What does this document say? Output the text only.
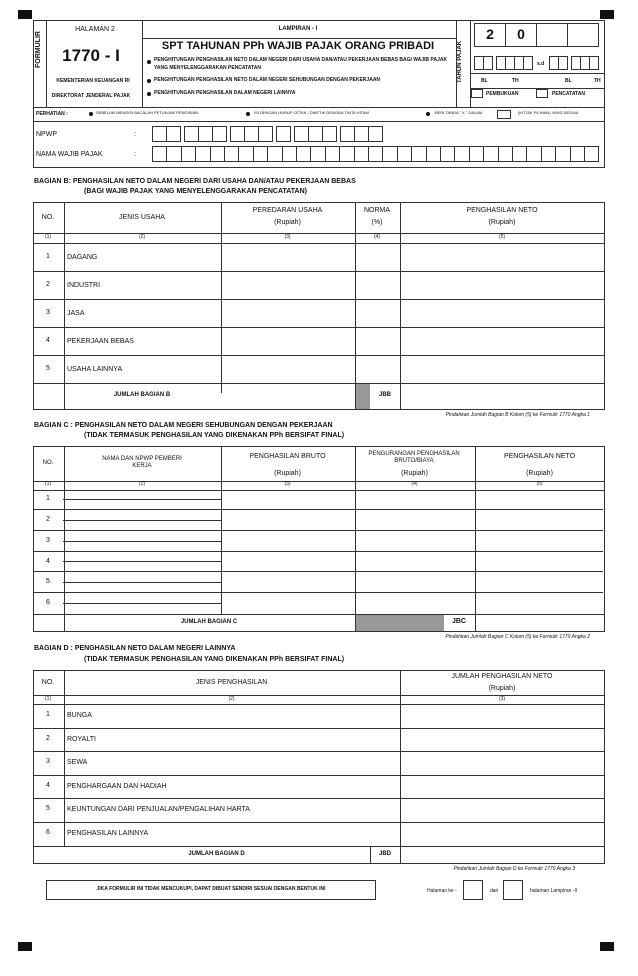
FORMULIR
HALAMAN 2
1770 - I
KEMENTERIAN KEUANGAN RI
DIREKTORAT JENDERAL PAJAK
LAMPIRAN - I
SPT TAHUNAN PPh WAJIB PAJAK ORANG PRIBADI
PENGHITUNGAN PENGHASILAN NETO DALAM NEGERI DARI USAHA DAN/ATAU PEKERJAAN BEBAS BAGI WAJIB PAJAK YANG MENYELENGGARAKAN PENCATATAN
PENGHITUNGAN PENGHASILAN NETO DALAM NEGERI SEHUBUNGAN DENGAN PEKERJAAN
PENGHITUNGAN PENGHASILAN DALAM NEGERI LAINNYA
TAHUN PAJAK
2	0
s.d
BL	TH	BL	TH
PEMBUKUAN	PENCATATAN
PERHATIAN :	SEBELUM MENGISI BACALAH PETUNJUK PENGISIAN	ISI DENGAN HURUF CETAK / DIKETIK DENGAN TINTA HITAM	BERI TANDA " X " DALAM	(KOTAK PILIHAN) YANG SESUAI
NPWP	:
NAMA WAJIB PAJAK	:
BAGIAN B: PENGHASILAN NETO DALAM NEGERI DARI USAHA DAN/ATAU PEKERJAAN BEBAS
(BAGI WAJIB PAJAK YANG MENYELENGGARAKAN PENCATATAN)
NO.	JENIS USAHA
PEREDARAN USAHA
(Rupiah)
NORMA
(%)
PENGHASILAN NETO
(Rupiah)
(1)	(2)	(3)	(4)	(5)
1	DAGANG
2	INDUSTRI
3	JASA
4	PEKERJAAN BEBAS
5	USAHA LAINNYA
JUMLAH BAGIAN B	JBB
Pindahkan Jumlah Bagian B Kolom (5) ke Formulir 1770 Angka 1
BAGIAN C : PENGHASILAN NETO DALAM NEGERI SEHUBUNGAN DENGAN PEKERJAAN
(TIDAK TERMASUK PENGHASILAN YANG DIKENAKAN PPh BERSIFAT FINAL)
NO.
NAMA DAN NPWP PEMBERI KERJA
PENGHASILAN BRUTO
(Rupiah)
PENGURANGAN PENGHASILAN BRUTO/BIAYA
(Rupiah)
PENGHASILAN NETO
(Rupiah)
(1)	(2)	(3)	(4)	(5)
1
2
3
4
5
6
JUMLAH BAGIAN C	JBC
Pindahkan Jumlah Bagian C Kolom (5) ke Formulir 1770 Angka 2
BAGIAN D : PENGHASILAN NETO DALAM NEGERI LAINNYA
(TIDAK TERMASUK PENGHASILAN YANG DIKENAKAN PPh BERSIFAT FINAL)
NO.	JENIS PENGHASILAN
JUMLAH PENGHASILAN NETO
(Rupiah)
(1)	(2)	(3)
1	BUNGA
2	ROYALTI
3	SEWA
4	PENGHARGAAN DAN HADIAH
5	KEUNTUNGAN DARI PENJUALAN/PENGALIHAN HARTA
6	PENGHASILAN LAINNYA
JUMLAH BAGIAN D	JBD
Pindahkan Jumlah Bagian D ke Formulir 1770 Angka 3
JIKA FORMULIR INI TIDAK MENCUKUPI, DAPAT DIBUAT SENDIRI SESUAI DENGAN BENTUK INI	Halaman ke -	dari	halaman Lampiran -II
